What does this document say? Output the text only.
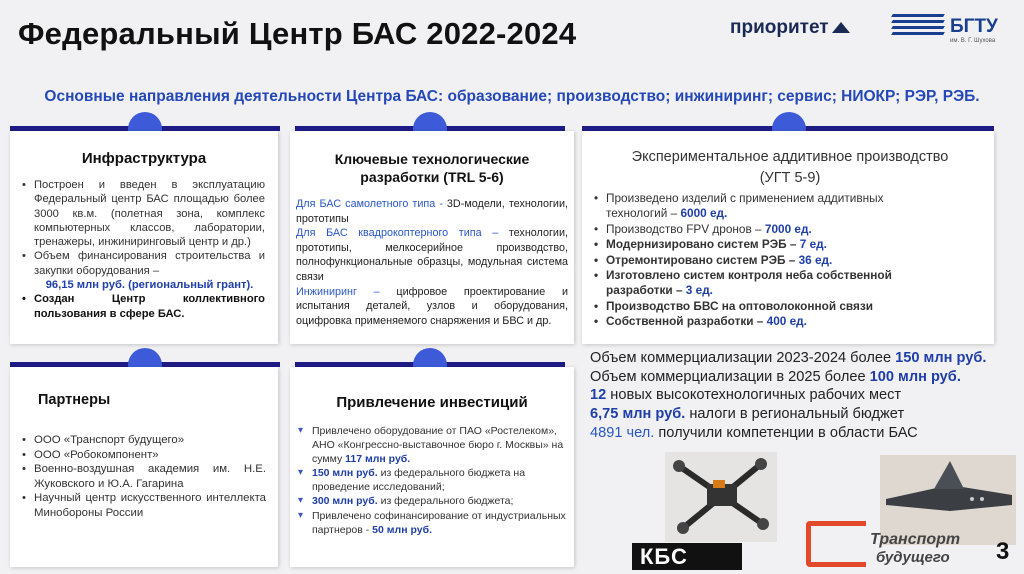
Федеральный Центр БАС 2022-2024	приоритет	БГТУ
им. В. Г. Шухова
Основные направления деятельности Центра БАС: образование; производство; инжиниринг; сервис; НИОКР; РЭР, РЭБ.
Инфраструктура
• Построен и введен в эксплуатацию Федеральный центр БАС площадью более 3000 кв.м. (полетная зона, комплекс компьютерных классов, лаборатории, тренажеры, инжиниринговый центр и др.)
• Объем финансирования строительства и закупки оборудования –

96,15 млн руб. (региональный грант).
• Создан Центр коллективного пользования в сфере БАС.
Ключевые технологические разработки (TRL 5-6)
Для БАС самолетного типа - 3D-модели, технологии, прототипы
Для БАС квадрокоптерного типа – технологии, прототипы, мелкосерийное производство, полнофункциональные образцы, модульная система связи
Инжиниринг – цифровое проектирование и испытания деталей, узлов и оборудования, оцифровка применяемого снаряжения и БВС и др.
Экспериментальное аддитивное производство (УГТ 5-9)
• Произведено изделий с применением аддитивных технологий – 6000 ед.
• Производство FPV дронов – 7000 ед.
• Модернизировано систем РЭБ – 7 ед.
• Отремонтировано систем РЭБ – 36 ед.
• Изготовлено систем контроля неба собственной разработки – 3 ед.
• Производство БВС на оптоволоконной связи
• Собственной разработки – 400 ед.
Объем коммерциализации 2023-2024 более 150 млн руб.
Объем коммерциализации в 2025 более 100 млн руб.
12 новых высокотехнологичных рабочих мест
6,75 млн руб. налоги в региональный бюджет
4891 чел. получили компетенции в области БАС
Партнеры
• ООО «Транспорт будущего»
• ООО «Робокомпонент»
• Военно-воздушная академия им. Н.Е. Жуковского и Ю.А. Гагарина
• Научный центр искусственного интеллекта Минобороны России
Привлечение инвестиций
▾ Привлечено оборудование от ПАО «Ростелеком», АНО «Конгрессно-выставочное бюро г. Москвы» на сумму 117 млн руб.
▾ 150 млн руб. из федерального бюджета на проведение исследований;
▾ 300 млн руб. из федерального бюджета;
▾ Привлечено софинансирование от индустриальных партнеров - 50 млн руб.
КБС
Транспорт
будущего 3
